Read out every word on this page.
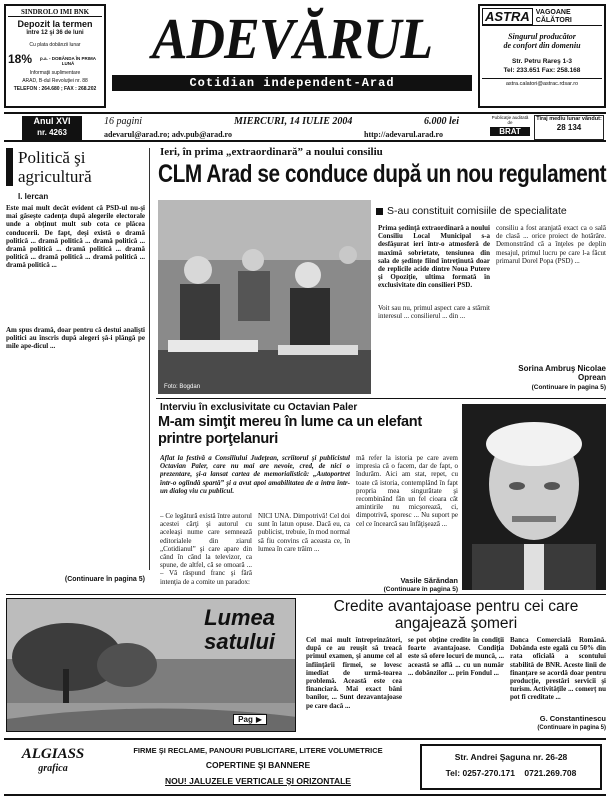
SINDROLO IMI BNK
Depozit la termen
între 12 şi 36 de luni
Cu plata dobânzii lunar
18%	p.a. - DOBÂNDA ÎN PRIMA LUNĂ
Informaţii suplimentare
ARAD, B-dul Revoluţiei nr. 88
TELEFON : 264.680 ; FAX : 268.202
ADEVĂRUL
Cotidian independent-Arad
ASTRA VAGOANE CĂLĂTORI
Singurul producător
de confort din domeniu
Str. Petru Rareş 1-3
Tel: 233.651 Fax: 258.168
astra.calatori@astrac.rdsar.ro
Anul XVI
nr. 4263
16 pagini	MIERCURI, 14 IULIE 2004	6.000 lei
adevarul@arad.ro; adv.pub@arad.ro	http://adevarul.arad.ro
Publicaţie auditată de
BRAT
Tiraj mediu lunar vândut:
28 134
Politică şi agricultură
I. Iercan
Este mai mult decât evident că PSD-ul nu-şi mai găseşte cadenţa după alegerile electorale unde a obţinut mult sub cota ce plăcea conducerii. De fapt, deşi există o dramă politică ... dramă politică ... dramă politică ... dramă politică ... dramă politică ... dramă politică ... dramă politică ... dramă politică ... dramă politică ...
Am spus dramă, doar pentru că destui analişti politici au înscris după alegeri şă-i plângă pe mile ape-dicul ...
(Continuare în pagina 5)
Ieri, în prima „extraordinară” a noului consiliu
CLM Arad se conduce după un nou regulament
Foto: Bogdan
S-au constituit comisiile de specialitate
Prima şedinţă extraordinară a noului Consiliu Local Municipal s-a desfăşurat ieri într-o atmosferă de maximă sobrietate, tensiunea din sala de şedinţe fiind întreţinută doar de replicile acide dintre Noua Putere şi Opoziţie, ultima formată în exclusivitate din consilieri PSD.
Voit sau nu, primul aspect care a stârnit interesul ... consilierul ... din ...
consiliu a fost aranjată exact ca o sală de clasă ... orice proiect de hotărâre. Demonstrând că a înţeles pe deplin mesajul, primul lucru pe care l-a făcut primarul Dorel Popa (PSD) ...
Sorina Ambruş Nicolae Oprean
(Continuare în pagina 5)
Interviu în exclusivitate cu Octavian Paler
M-am simţit mereu în lume ca un elefant printre porţelanuri
Aflat la festivă a Consiliului Judeţean, scriitorul şi publicistul Octavian Paler, care nu mai are nevoie, cred, de nici o prezentare, şi-a lansat cartea de memorialistică: „Autoportret într-o oglindă spartă” şi a avut apoi amabilitatea de a intra într-un dialog viu cu publicul.
– Ce legătură există între autorul acestei cărţi şi autorul cu aceleaşi nume care semnează editorialele din ziarul „Cotidianul” şi care apare din când în când la televizor, ca spune, de altfel, că se omoară ... – Vă răspund franc şi fără intenţia de a comite un paradox:
NICI UNA. Dimpotrivă! Cel doi sunt în latun opuse. Dacă eu, ca publicist, trebuie, în mod normal să fiu convins că aceasta ce, în lumea în care trăim ...
mă refer la istoria pe care avem impresia că o facem, dar de fapt, o îndurăm. Aici am stat, repet, cu toate că istoria, contemplând în fapt propria mea singurătate şi recombinând fân un fel cioara cât amintirile nu micşorează, ci, dimpotrivă, sporesc ... Nu suport pe cel ce încearcă sau înfăţişează ...
Vasile Sărăndan
(Continuare în pagina 5)
Lumea
satului
Pag ▶
Credite avantajoase pentru cei care angajează şomeri
Cel mai mult întreprinzători, după ce au reuşit să treacă primul examen, şi anume cel al înfiinţării firmei, se lovesc imediat de urmă-toarea problemă. Această este cea financiară. Mai exact băni banilor, ... Sunt dezavantajoase pe care dacă ...
se pot obţine credite în condiţii foarte avantajoase. Condiţia este să ofere locuri de muncă, ... această se află ... cu un număr ... dobânzilor ... prin Fondul ...
Banca Comercială Română. Dobânda este egală cu 50% din rata oficială a scontului stabilită de BNR. Aceste linii de finanţare se acordă doar pentru producţie, prestări servicii şi turism. Activităţile ... comerţ nu pot fi creditate ...
G. Constantinescu
(Continuare în pagina 5)
ALGIASS
grafica
FIRME ŞI RECLAME, PANOURI PUBLICITARE, LITERE VOLUMETRICE
COPERTINE ŞI BANNERE
NOU! JALUZELE VERTICALE ŞI ORIZONTALE
Str. Andrei Şaguna nr. 26-28
Tel: 0257-270.171    0721.269.708
